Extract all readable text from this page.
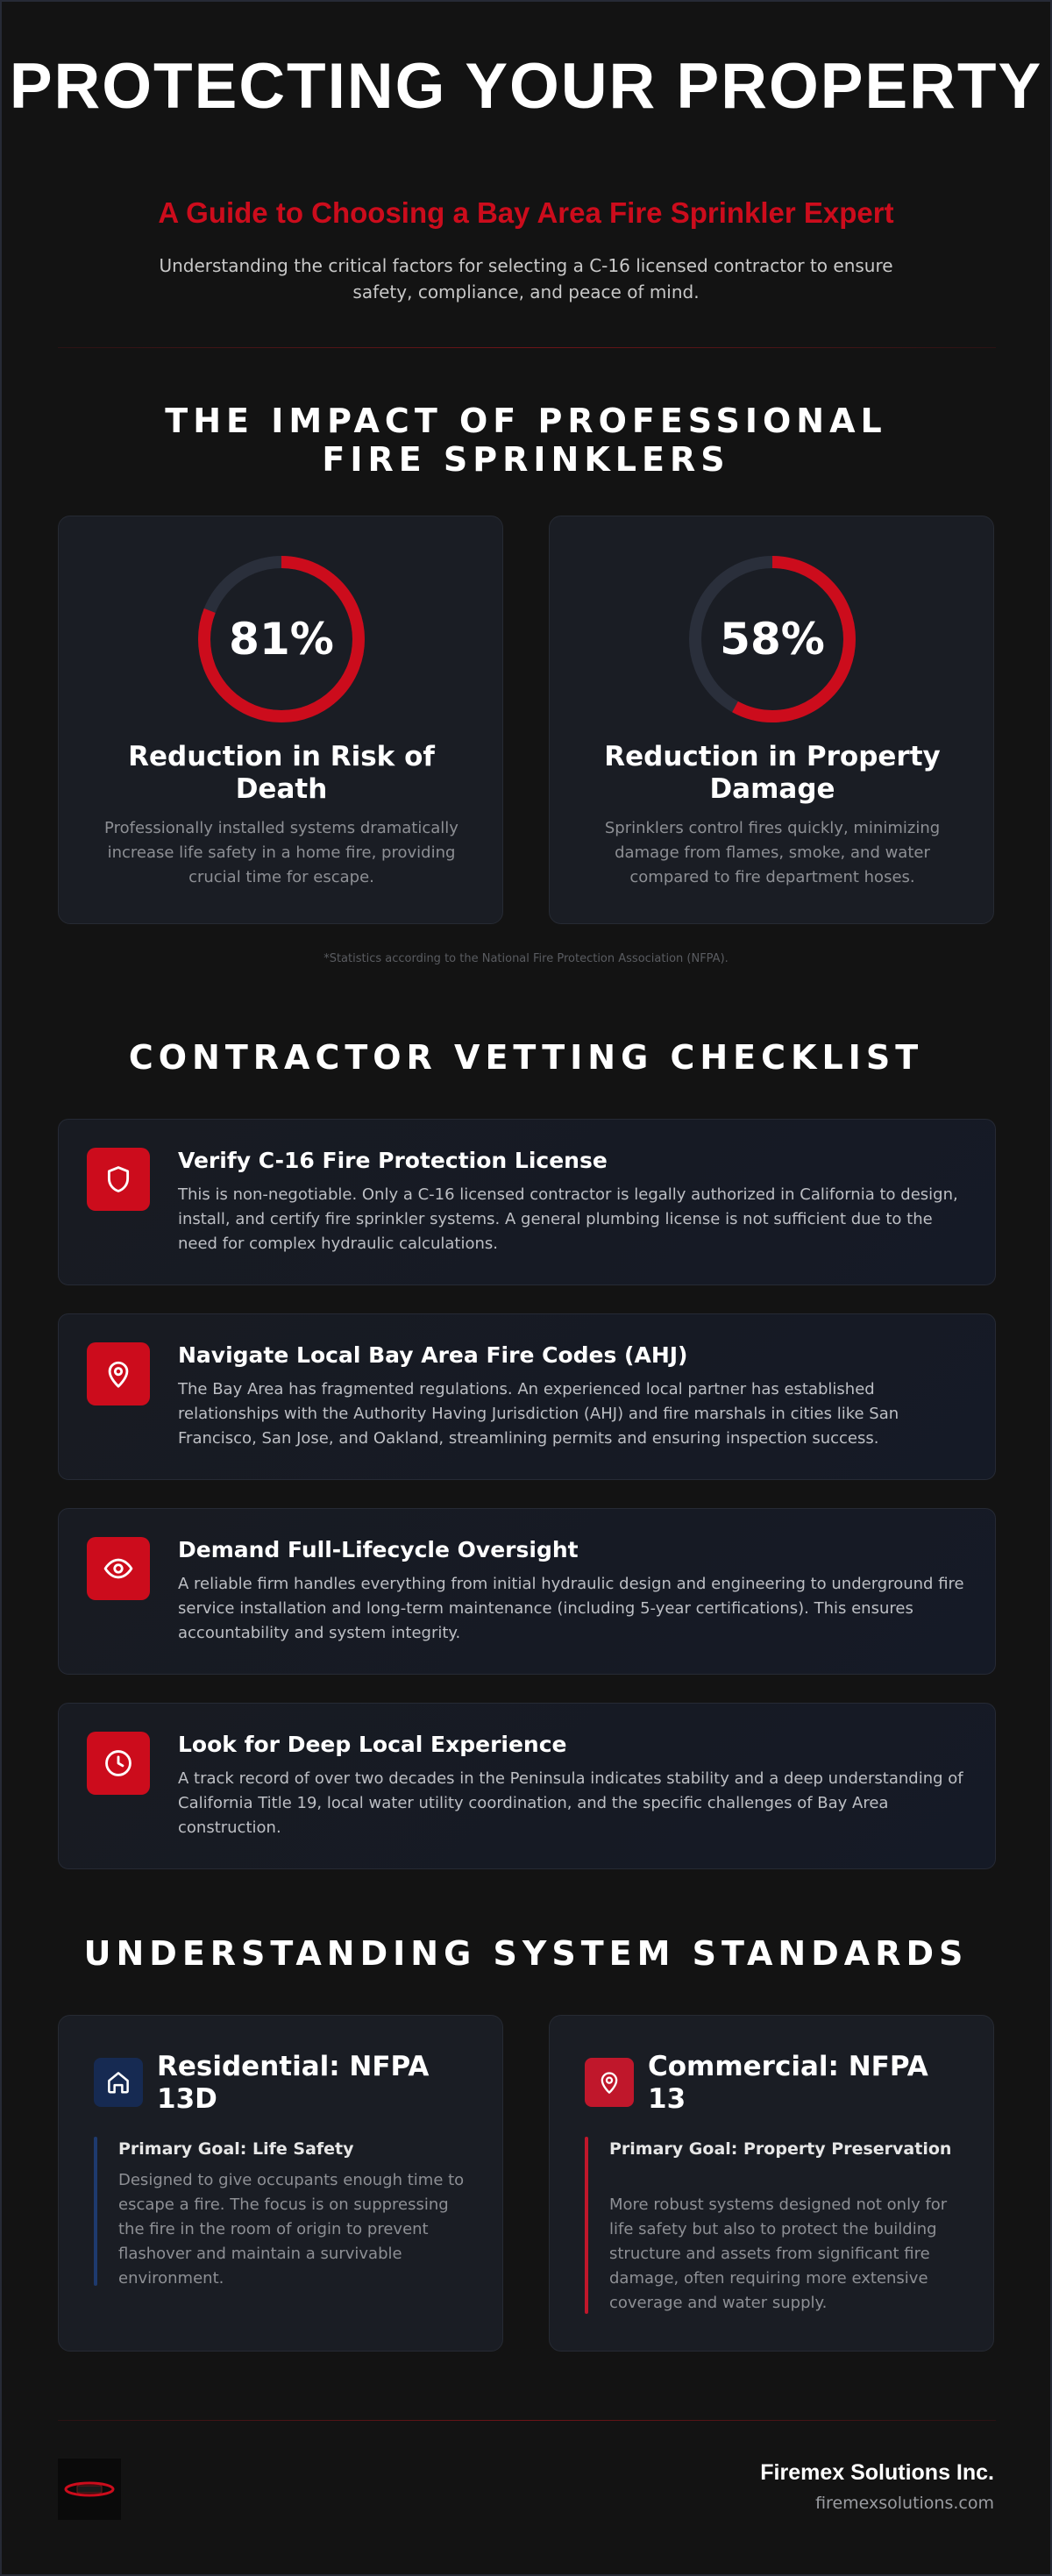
PROTECTING YOUR PROPERTY
A Guide to Choosing a Bay Area Fire Sprinkler Expert

Understanding the critical factors for selecting a C-16 licensed contractor to ensure safety, compliance, and peace of mind.

THE IMPACT OF PROFESSIONAL FIRE SPRINKLERS
81%
Reduction in Risk of Death

Professionally installed systems dramatically increase life safety in a home fire, providing crucial time for escape.

58%
Reduction in Property Damage

Sprinklers control fires quickly, minimizing damage from flames, smoke, and water compared to fire department hoses.

*Statistics according to the National Fire Protection Association (NFPA).

CONTRACTOR VETTING CHECKLIST
Verify C-16 Fire Protection License

This is non-negotiable. Only a C-16 licensed contractor is legally authorized in California to design, install, and certify fire sprinkler systems. A general plumbing license is not sufficient due to the need for complex hydraulic calculations.

Navigate Local Bay Area Fire Codes (AHJ)

The Bay Area has fragmented regulations. An experienced local partner has established relationships with the Authority Having Jurisdiction (AHJ) and fire marshals in cities like San Francisco, San Jose, and Oakland, streamlining permits and ensuring inspection success.

Demand Full-Lifecycle Oversight

A reliable firm handles everything from initial hydraulic design and engineering to underground fire service installation and long-term maintenance (including 5-year certifications). This ensures accountability and system integrity.

Look for Deep Local Experience

A track record of over two decades in the Peninsula indicates stability and a deep understanding of California Title 19, local water utility coordination, and the specific challenges of Bay Area construction.

UNDERSTANDING SYSTEM STANDARDS
Residential: NFPA 13D
Primary Goal: Life Safety

Designed to give occupants enough time to escape a fire. The focus is on suppressing the fire in the room of origin to prevent flashover and maintain a survivable environment.

Commercial: NFPA 13
Primary Goal: Property Preservation

More robust systems designed not only for life safety but also to protect the building structure and assets from significant fire damage, often requiring more extensive coverage and water supply.

Firemex Solutions Inc.
firemexsolutions.com
